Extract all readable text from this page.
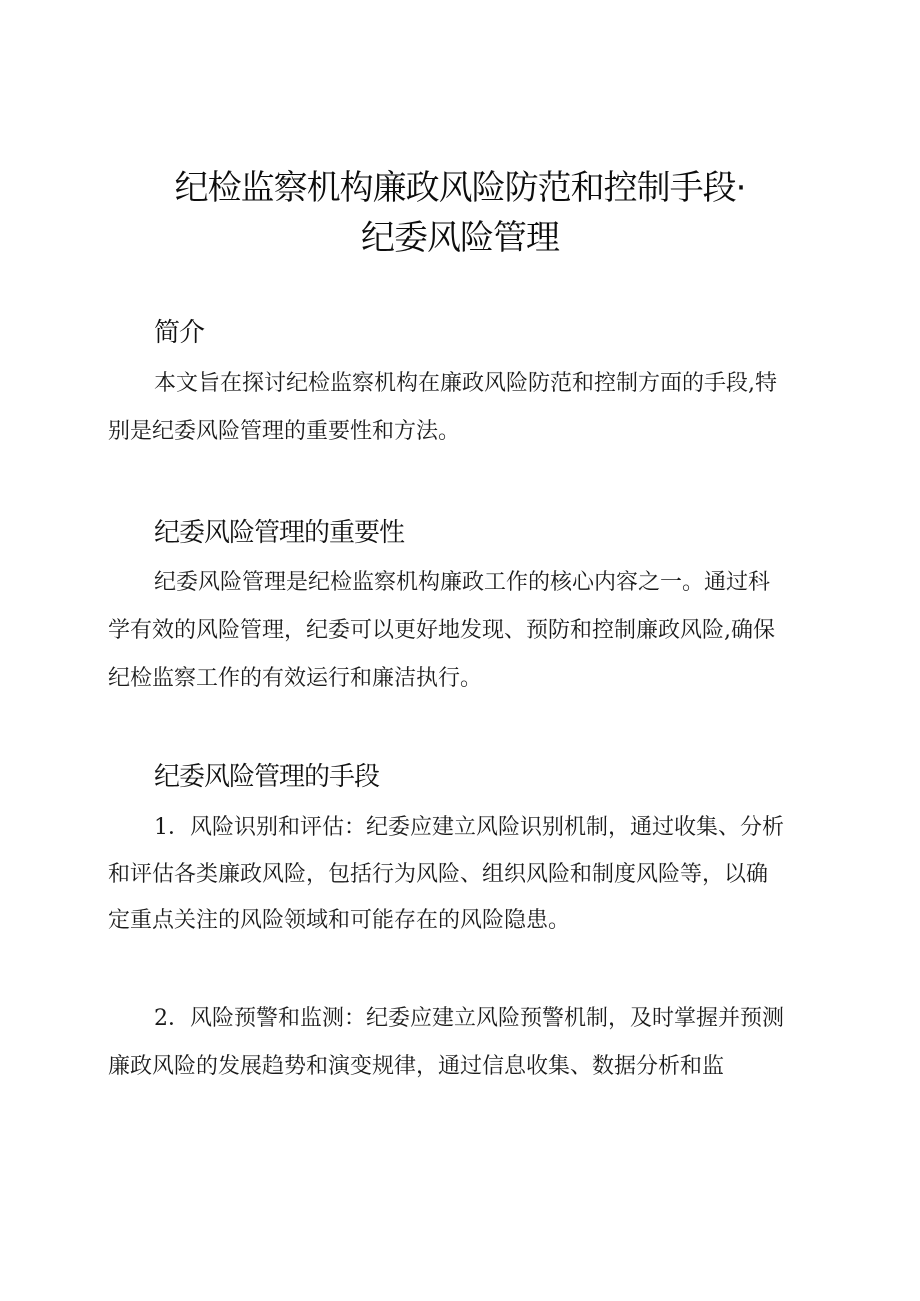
纪检监察机构廉政风险防范和控制手段·
纪委风险管理
简介
本文旨在探讨纪检监察机构在廉政风险防范和控制方面的手段,特
别是纪委风险管理的重要性和方法。
纪委风险管理的重要性
纪委风险管理是纪检监察机构廉政工作的核心内容之一。通过科
学有效的风险管理，纪委可以更好地发现、预防和控制廉政风险,确保
纪检监察工作的有效运行和廉洁执行。
纪委风险管理的手段
1．风险识别和评估：纪委应建立风险识别机制，通过收集、分析
和评估各类廉政风险，包括行为风险、组织风险和制度风险等，以确
定重点关注的风险领域和可能存在的风险隐患。
2．风险预警和监测：纪委应建立风险预警机制，及时掌握并预测
廉政风险的发展趋势和演变规律，通过信息收集、数据分析和监
